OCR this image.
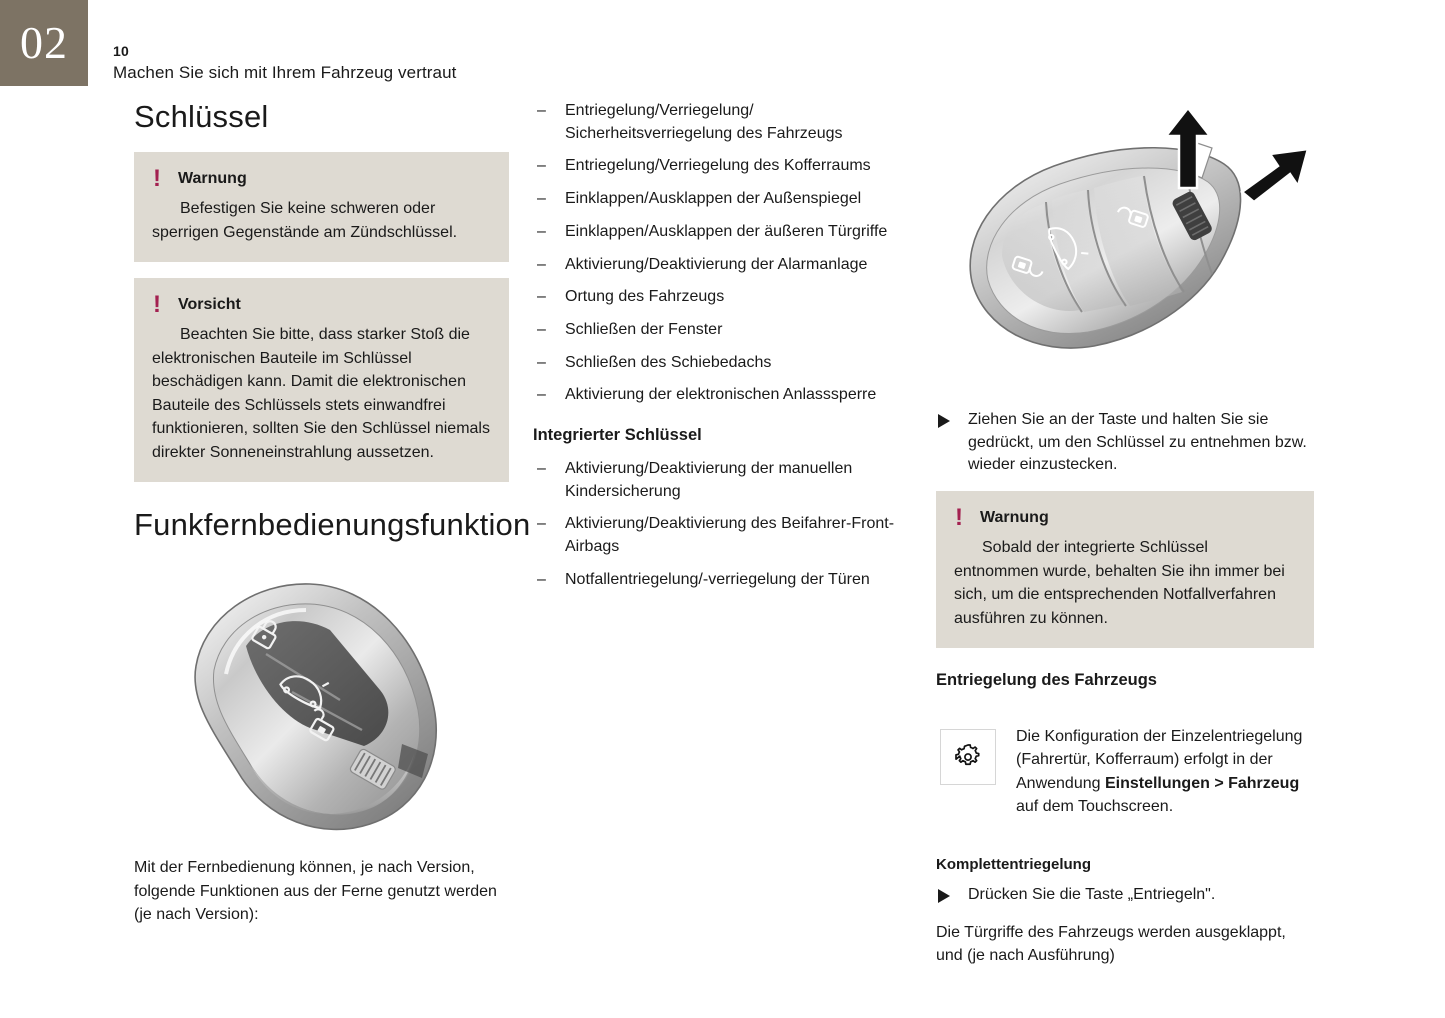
02	10

Machen Sie sich mit Ihrem Fahrzeug vertraut

Schlüssel
! Warnung

Befestigen Sie keine schweren oder sperrigen Gegenstände am Zündschlüssel.

! Vorsicht

Beachten Sie bitte, dass starker Stoß die elektronischen Bauteile im Schlüssel beschädigen kann. Damit die elektronischen Bauteile des Schlüssels stets einwandfrei funktionieren, sollten Sie den Schlüssel niemals direkter Sonneneinstrahlung aussetzen.

Funkfernbedienungsfunktion

Mit der Fernbedienung können, je nach Version, folgende Funktionen aus der Ferne genutzt werden (je nach Version):

– Entriegelung/Verriegelung/ Sicherheitsverriegelung des Fahrzeugs
– Entriegelung/Verriegelung des Kofferraums
– Einklappen/Ausklappen der Außenspiegel
– Einklappen/Ausklappen der äußeren Türgriffe
– Aktivierung/Deaktivierung der Alarmanlage
– Ortung des Fahrzeugs
– Schließen der Fenster
– Schließen des Schiebedachs
– Aktivierung der elektronischen Anlasssperre
Integrierter Schlüssel
– Aktivierung/Deaktivierung der manuellen Kindersicherung
– Aktivierung/Deaktivierung des Beifahrer-Front-Airbags
– Notfallentriegelung/-verriegelung der Türen

Ziehen Sie an der Taste und halten Sie sie gedrückt, um den Schlüssel zu entnehmen bzw. wieder einzustecken.

! Warnung

Sobald der integrierte Schlüssel entnommen wurde, behalten Sie ihn immer bei sich, um die entsprechenden Notfallverfahren ausführen zu können.

Entriegelung des Fahrzeugs

Die Konfiguration der Einzelentriegelung (Fahrertür, Kofferraum) erfolgt in der Anwendung Einstellungen > Fahrzeug auf dem Touchscreen.

Komplettentriegelung

Drücken Sie die Taste „Entriegeln".

Die Türgriffe des Fahrzeugs werden ausgeklappt, und (je nach Ausführung)
